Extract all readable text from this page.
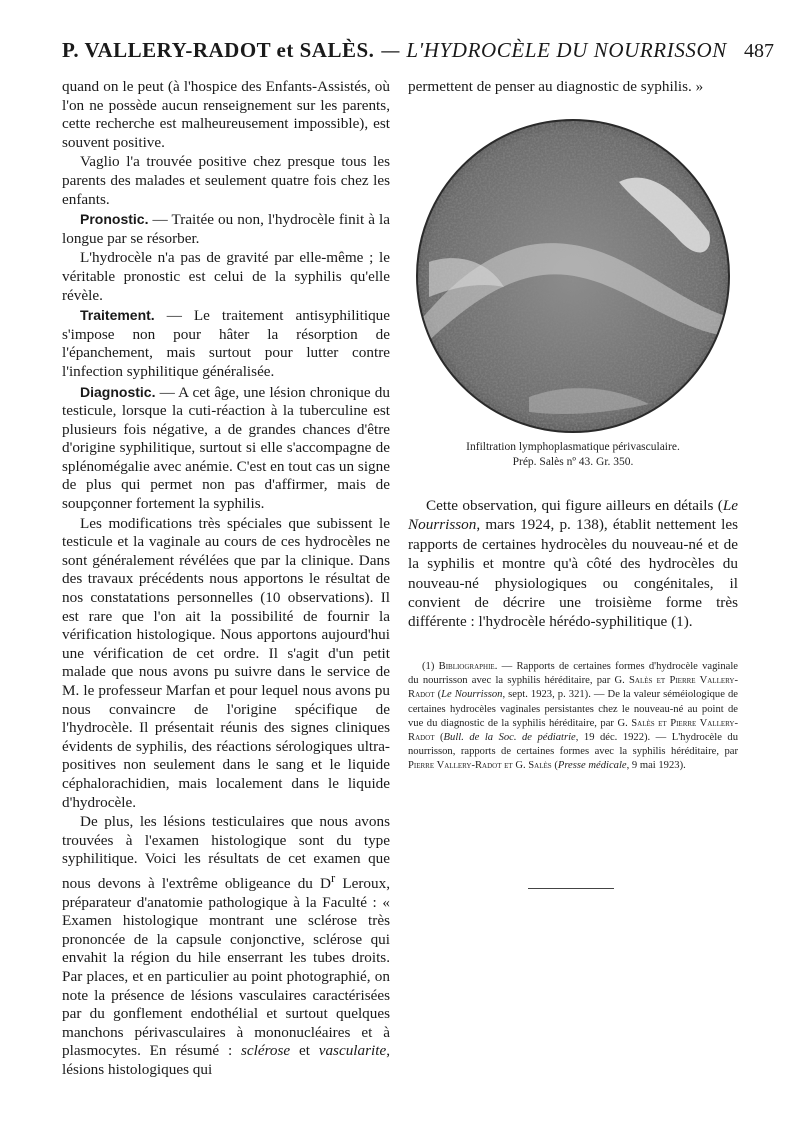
P. VALLERY-RADOT et SALÈS. — L'HYDROCÈLE DU NOURRISSON 487

quand on le peut (à l'hospice des Enfants-Assistés, où l'on ne possède aucun renseignement sur les parents, cette recherche est malheureusement impossible), est souvent positive.

Vaglio l'a trouvée positive chez presque tous les parents des malades et seulement quatre fois chez les enfants.

Pronostic. — Traitée ou non, l'hydrocèle finit à la longue par se résorber.

L'hydrocèle n'a pas de gravité par elle-même ; le véritable pronostic est celui de la syphilis qu'elle révèle.

Traitement. — Le traitement antisyphilitique s'impose non pour hâter la résorption de l'épanchement, mais surtout pour lutter contre l'infection syphilitique généralisée.

Diagnostic. — A cet âge, une lésion chronique du testicule, lorsque la cuti-réaction à la tuberculine est plusieurs fois négative, a de grandes chances d'être d'origine syphilitique, surtout si elle s'accompagne de splénomégalie avec anémie. C'est en tout cas un signe de plus qui permet non pas d'affirmer, mais de soupçonner fortement la syphilis.

Les modifications très spéciales que subissent le testicule et la vaginale au cours de ces hydrocèles ne sont généralement révélées que par la clinique. Dans des travaux précédents nous apportons le résultat de nos constatations personnelles (10 observations). Il est rare que l'on ait la possibilité de fournir la vérification histologique. Nous apportons aujourd'hui une vérification de cet ordre. Il s'agit d'un petit malade que nous avons pu suivre dans le service de M. le professeur Marfan et pour lequel nous avons pu nous convaincre de l'origine spécifique de l'hydrocèle. Il présentait réunis des signes cliniques évidents de syphilis, des réactions sérologiques ultra-positives non seulement dans le sang et le liquide céphalorachidien, mais localement dans le liquide d'hydrocèle.

De plus, les lésions testiculaires que nous avons trouvées à l'examen histologique sont du type syphilitique. Voici les résultats de cet examen que nous devons à l'extrême obligeance du $D^r$ Leroux, préparateur d'anatomie pathologique à la Faculté : « Examen histologique montrant une sclérose très prononcée de la capsule conjonctive, sclérose qui envahit la région du hile enserrant les tubes droits. Par places, et en particulier au point photographié, on note la présence de lésions vasculaires caractérisées par du gonflement endothélial et surtout quelques manchons périvasculaires à mononucléaires et à plasmocytes. En résumé : sclérose et vascularite, lésions histologiques qui

permettent de penser au diagnostic de syphilis. »

Infiltration lymphoplasmatique périvasculaire.
Prép. Salès nº 43. Gr. 350.

Cette observation, qui figure ailleurs en détails (Le Nourrisson, mars 1924, p. 138), établit nettement les rapports de certaines hydrocèles du nouveau-né et de la syphilis et montre qu'à côté des hydrocèles du nouveau-né physiologiques ou congénitales, il convient de décrire une troisième forme très différente : l'hydrocèle hérédo-syphilitique (1).

(1) Bibliographie. — Rapports de certaines formes d'hydrocèle vaginale du nourrisson avec la syphilis héréditaire, par G. Salès et Pierre Vallery-Radot (Le Nourrisson, sept. 1923, p. 321). — De la valeur séméiologique de certaines hydrocèles vaginales persistantes chez le nouveau-né au point de vue du diagnostic de la syphilis héréditaire, par G. Salès et Pierre Vallery-Radot (Bull. de la Soc. de pédiatrie, 19 déc. 1922). — L'hydrocèle du nourrisson, rapports de certaines formes avec la syphilis héréditaire, par Pierre Vallery-Radot et G. Salès (Presse médicale, 9 mai 1923).
